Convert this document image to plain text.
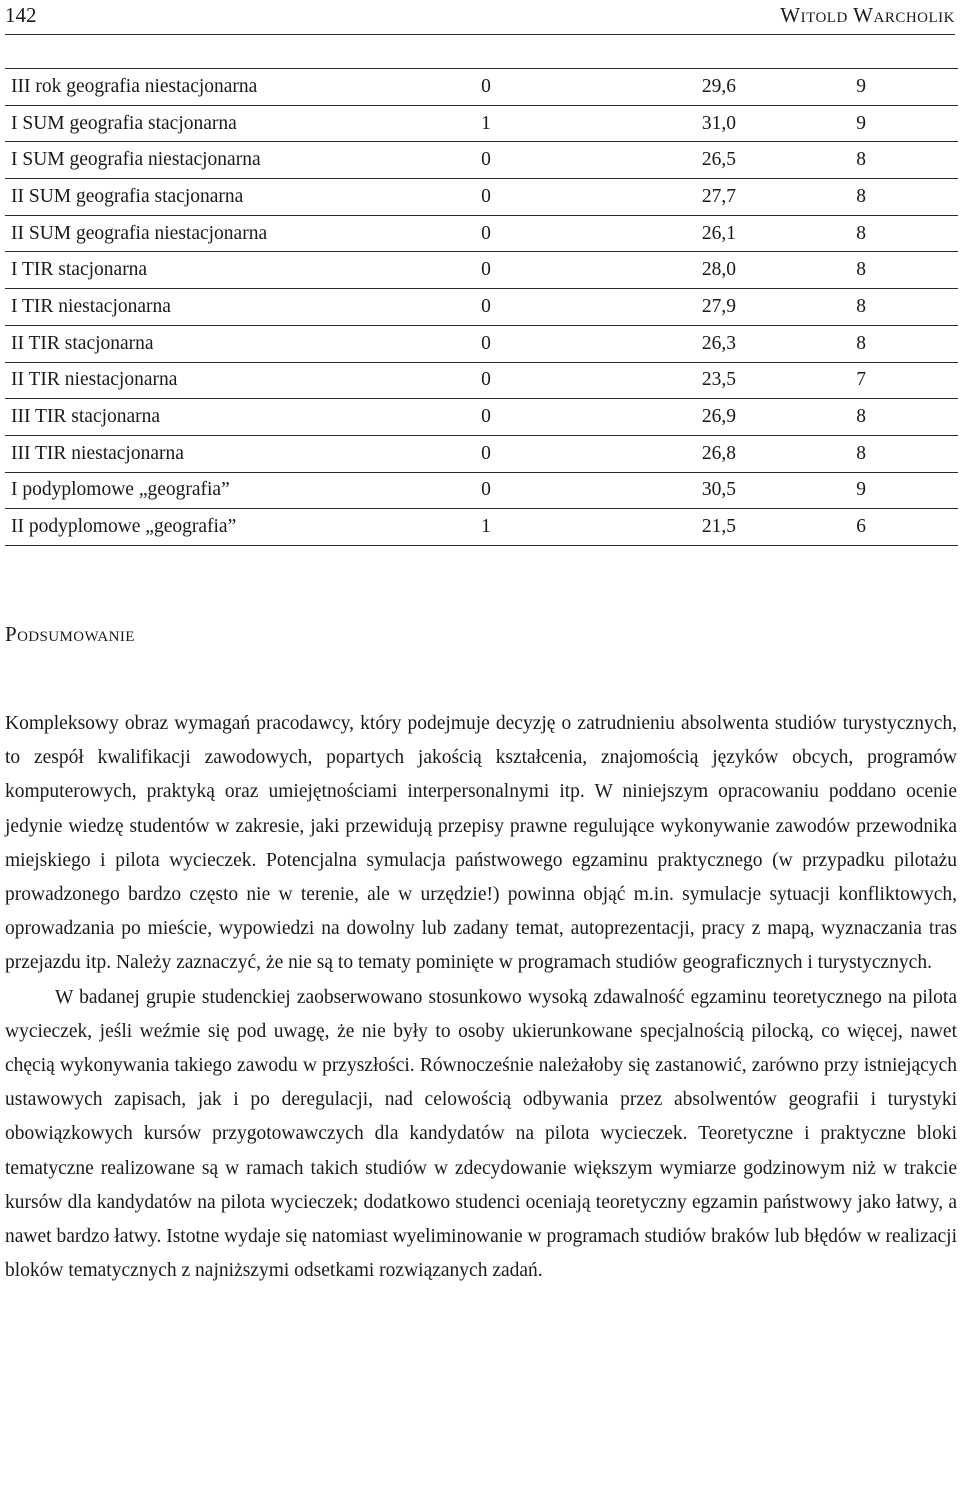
142	Witold Warcholik
III rok geografia niestacjonarna	0	29,6	9
I SUM geografia stacjonarna	1	31,0	9
I SUM geografia niestacjonarna	0	26,5	8
II SUM geografia stacjonarna	0	27,7	8
II SUM geografia niestacjonarna	0	26,1	8
I TIR stacjonarna	0	28,0	8
I TIR niestacjonarna	0	27,9	8
II TIR stacjonarna	0	26,3	8
II TIR niestacjonarna	0	23,5	7
III TIR stacjonarna	0	26,9	8
III TIR niestacjonarna	0	26,8	8
I podyplomowe „geografia”	0	30,5	9
II podyplomowe „geografia”	1	21,5	6
Podsumowanie

Kompleksowy obraz wymagań pracodawcy, który podejmuje decyzję o zatrudnieniu absolwenta studiów turystycznych, to zespół kwalifikacji zawodowych, popartych jakością kształcenia, znajomością języków obcych, programów komputerowych, praktyką oraz umiejętnościami interpersonalnymi itp. W niniejszym opracowaniu poddano ocenie jedynie wiedzę studentów w zakresie, jaki przewidują przepisy prawne regulujące wykonywanie zawodów przewodnika miejskiego i pilota wycieczek. Potencjalna symulacja państwowego egzaminu praktycznego (w przypadku pilotażu prowadzonego bardzo często nie w terenie, ale w urzędzie!) powinna objąć m.in. symulacje sytuacji konfliktowych, oprowadzania po mieście, wypowiedzi na dowolny lub zadany temat, autoprezentacji, pracy z mapą, wyznaczania tras przejazdu itp. Należy zaznaczyć, że nie są to tematy pominięte w programach studiów geograficznych i turystycznych.

W badanej grupie studenckiej zaobserwowano stosunkowo wysoką zdawalność egzaminu teoretycznego na pilota wycieczek, jeśli weźmie się pod uwagę, że nie były to osoby ukierunkowane specjalnością pilocką, co więcej, nawet chęcią wykonywania takiego zawodu w przyszłości. Równocześnie należałoby się zastanowić, zarówno przy istniejących ustawowych zapisach, jak i po deregulacji, nad celowością odbywania przez absolwentów geografii i turystyki obowiązkowych kursów przygotowawczych dla kandydatów na pilota wycieczek. Teoretyczne i praktyczne bloki tematyczne realizowane są w ramach takich studiów w zdecydowanie większym wymiarze godzinowym niż w trakcie kursów dla kandydatów na pilota wycieczek; dodatkowo studenci oceniają teoretyczny egzamin państwowy jako łatwy, a nawet bardzo łatwy. Istotne wydaje się natomiast wyeliminowanie w programach studiów braków lub błędów w realizacji bloków tematycznych z najniższymi odsetkami rozwiązanych zadań.
